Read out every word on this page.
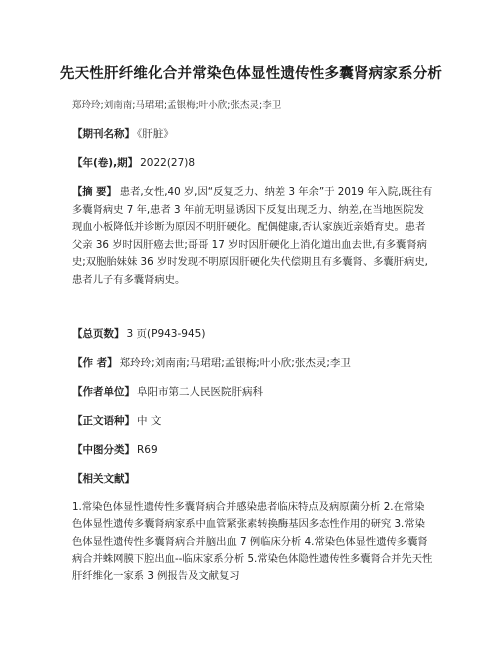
先天性肝纤维化合并常染色体显性遗传性多囊肾病家系分析
郑玲玲;刘南南;马珺珺;孟银梅;叶小欣;张杰灵;李卫
【期刊名称】 《肝脏》
【年(卷),期】 2022(27)8
【摘 要】 患者,女性,40 岁,因“反复乏力、纳差 3 年余”于 2019 年入院,既往有多囊肾病史 7 年,患者 3 年前无明显诱因下反复出现乏力、纳差,在当地医院发现血小板降低并诊断为原因不明肝硬化。配偶健康,否认家族近亲婚育史。患者父亲 36 岁时因肝癌去世;哥哥 17 岁时因肝硬化上消化道出血去世,有多囊肾病史;双胞胎妹妹 36 岁时发现不明原因肝硬化失代偿期且有多囊肾、多囊肝病史,患者儿子有多囊肾病史。
【总页数】 3 页(P943-945)
【作 者】 郑玲玲;刘南南;马珺珺;孟银梅;叶小欣;张杰灵;李卫
【作者单位】 阜阳市第二人民医院肝病科
【正文语种】 中 文
【中图分类】 R69
【相关文献】
1.常染色体显性遗传性多囊肾病合并感染患者临床特点及病原菌分析 2.在常染色体显性遗传多囊肾病家系中血管紧张素转换酶基因多态性作用的研究 3.常染色体显性遗传性多囊肾病合并脑出血 7 例临床分析 4.常染色体显性遗传多囊肾病合并蛛网膜下腔出血--临床家系分析 5.常染色体隐性遗传性多囊肾合并先天性肝纤维化一家系 3 例报告及文献复习
